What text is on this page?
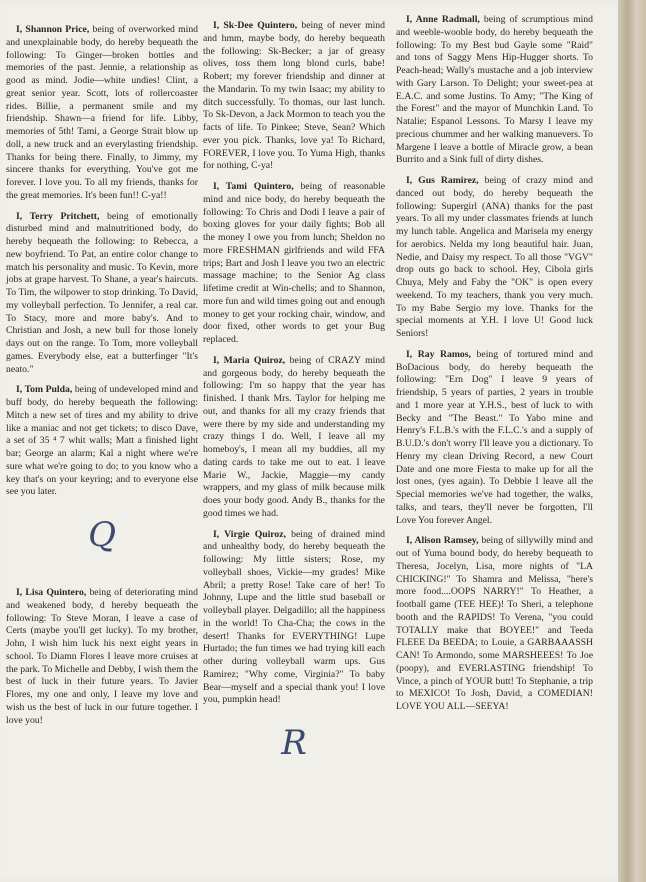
I, Shannon Price, being of overworked mind and unexplainable body, do hereby bequeath the following: To Ginger—broken bottles and memories of the past. Jennie, a relationship as good as mind. Jodie—white undies! Clint, a great senior year. Scott, lots of rollercoaster rides. Billie, a permanent smile and my friendship. Shawn—a friend for life. Libby, memories of 5th! Tami, a George Strait blow up doll, a new truck and an everylasting friendship. Thanks for being there. Finally, to Jimmy, my sincere thanks for everything. You've got me forever. I love you. To all my friends, thanks for the great memories. It's been fun!! C-ya!!

I, Terry Pritchett, being of emotionally disturbed mind and malnutritioned body, do hereby bequeath the following: to Rebecca, a new boyfriend. To Pat, an entire color change to match his personality and music. To Kevin, more jobs at grape harvest. To Shane, a year's haircuts. To Tim, the wilpower to stop drinking. To David, my volleyball perfection. To Jennifer, a real car. To Stacy, more and more baby's. And to Christian and Josh, a new bull for those lonely days out on the range. To Tom, more volleyball games. Everybody else, eat a butterfinger "It's neato."

I, Tom Pulda, being of undeveloped mind and buff body, do hereby bequeath the following: Mitch a new set of tires and my ability to drive like a maniac and not get tickets; to disco Dave, a set of 35 ⁴ 7 whit walls; Matt a finished light bar; George an alarm; Kal a night where we're sure what we're going to do; to you know who a key that's on your keyring; and to everyone else see you later.

Q

I, Lisa Quintero, being of deteriorating mind and weakened body, d hereby bequeath the following: To Steve Moran, I leave a case of Certs (maybe you'll get lucky). To my brother, John, I wish him luck his next eight years in school. To Diamn Flores I leave more cruises at the park. To Michelle and Debby, I wish them the best of luck in their future years. To Javier Flores, my one and only, I leave my love and wish us the best of luck in our future together. I love you!

I, Sk-Dee Quintero, being of never mind and hmm, maybe body, do hereby bequeath the following: Sk-Becker; a jar of greasy olives, toss them long blond curls, babe! Robert; my forever friendship and dinner at the Mandarin. To my twin Isaac; my ability to ditch successfully. To thomas, our last lunch. To Sk-Devon, a Jack Mormon to teach you the facts of life. To Pinkee; Steve, Sean? Which ever you pick. Thanks, love ya! To Richard, FOREVER, I love you. To Yuma High, thanks for nothing, C-ya!

I, Tami Quintero, being of reasonable mind and nice body, do hereby bequeath the following: To Chris and Dodi I leave a pair of boxing gloves for your daily fights; Bob all the money I owe you from lunch; Sheldon no more FRESHMAN girlfriends and wild FFA trips; Bart and Josh I leave you two an electric massage machine; to the Senior Ag class lifetime credit at Win-chells; and to Shannon, more fun and wild times going out and enough money to get your rocking chair, window, and door fixed, other words to get your Bug replaced.

I, Maria Quiroz, being of CRAZY mind and gorgeous body, do hereby bequeath the following: I'm so happy that the year has finished. I thank Mrs. Taylor for helping me out, and thanks for all my crazy friends that were there by my side and understanding my crazy things I do. Well, I leave all my homeboy's, I mean all my buddies, all my dating cards to take me out to eat. I leave Marie W., Jackie, Maggie—my candy wrappers, and my glass of milk because milk does your body good. Andy B., thanks for the good times we had.

I, Virgie Quiroz, being of drained mind and unhealthy body, do hereby bequeath the following: My little sisters; Rose, my volleyball shoes, Vickie—my grades! Mike Abril; a pretty Rose! Take care of her! To Johnny, Lupe and the little stud baseball or volleyball player. Delgadillo; all the happiness in the world! To Cha-Cha; the cows in the desert! Thanks for EVERYTHING! Lupe Hurtado; the fun times we had trying kill each other during volleyball warm ups. Gus Ramirez; "Why come, Virginia?" To baby Bear—myself and a special thank you! I love you, pumpkin head!

R

I, Anne Radmall, being of scrumptious mind and weeble-wooble body, do hereby bequeath the following: To my Best bud Gayle some "Raid" and tons of Saggy Mens Hip-Hugger shorts. To Peach-head; Wally's mustache and a job interview with Gary Larson. To Delight; your sweet-pea at E.A.C. and some Justins. To Amy; "The King of the Forest" and the mayor of Munchkin Land. To Natalie; Espanol Lessons. To Marsy I leave my precious chummer and her walking manuevers. To Margene I leave a bottle of Miracle grow, a bean Burrito and a Sink full of dirty dishes.

I, Gus Ramirez, being of crazy mind and danced out body, do hereby bequeath the following: Supergirl (ANA) thanks for the past years. To all my under classmates friends at lunch my lunch table. Angelica and Marisela my energy for aerobics. Nelda my long beautiful hair. Juan, Nedie, and Daisy my respect. To all those "VGV" drop outs go back to school. Hey, Cibola girls Chuya, Mely and Faby the "OK" is open every weekend. To my teachers, thank you very much. To my Babe Sergio my love. Thanks for the special moments at Y.H. I love U! Good luck Seniors!

I, Ray Ramos, being of tortured mind and BoDacious body, do hereby bequeath the following: "Ern Dog" I leave 9 years of friendship, 5 years of parties, 2 years in trouble and 1 more year at Y.H.S., best of luck to with Becky and "The Beast." To Yabo mine and Henry's F.L.B.'s with the F.L.C.'s and a supply of B.U.D.'s don't worry I'll leave you a dictionary. To Henry my clean Driving Record, a new Court Date and one more Fiesta to make up for all the lost ones, (yes again). To Debbie I leave all the Special memories we've had together, the walks, talks, and tears, they'll never be forgotten, I'll Love You forever Angel.

I, Alison Ramsey, being of sillywilly mind and out of Yuma bound body, do hereby bequeath to Theresa, Jocelyn, Lisa, more nights of "LA CHICKING!" To Shamra and Melissa, "here's more food....OOPS NARRY!" To Heather, a football game (TEE HEE)! To Sheri, a telephone booth and the RAPIDS! To Verena, "you could TOTALLY make that BOYEE!" and Teeda FLEEE Da BEEDA; to Louie, a GARBAAASSH CAN! To Armondo, some MARSHEEES! To Joe (poopy), and EVERLASTING friendship! To Vince, a pinch of YOUR butt! To Stephanie, a trip to MEXICO! To Josh, David, a COMEDIAN! LOVE YOU ALL—SEEYA!
